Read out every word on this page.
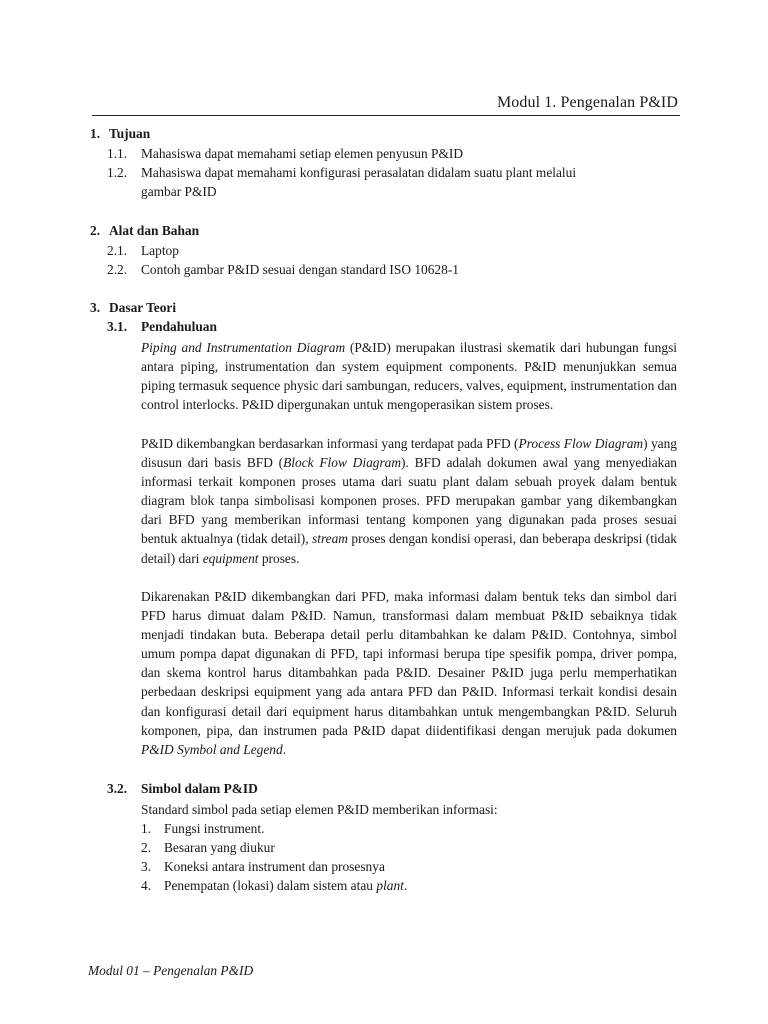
Modul 1. Pengenalan P&ID
1. Tujuan
1.1. Mahasiswa dapat memahami setiap elemen penyusun P&ID
1.2. Mahasiswa dapat memahami konfigurasi perasalatan didalam suatu plant melalui
gambar P&ID
2. Alat dan Bahan
2.1. Laptop
2.2. Contoh gambar P&ID sesuai dengan standard ISO 10628-1
3. Dasar Teori
3.1. Pendahuluan
Piping and Instrumentation Diagram (P&ID) merupakan ilustrasi skematik dari hubungan fungsi antara piping, instrumentation dan system equipment components. P&ID menunjukkan semua piping termasuk sequence physic dari sambungan, reducers, valves, equipment, instrumentation dan control interlocks. P&ID dipergunakan untuk mengoperasikan sistem proses.
P&ID dikembangkan berdasarkan informasi yang terdapat pada PFD (Process Flow Diagram) yang disusun dari basis BFD (Block Flow Diagram). BFD adalah dokumen awal yang menyediakan informasi terkait komponen proses utama dari suatu plant dalam sebuah proyek dalam bentuk diagram blok tanpa simbolisasi komponen proses. PFD merupakan gambar yang dikembangkan dari BFD yang memberikan informasi tentang komponen yang digunakan pada proses sesuai bentuk aktualnya (tidak detail), stream proses dengan kondisi operasi, dan beberapa deskripsi (tidak detail) dari equipment proses.
Dikarenakan P&ID dikembangkan dari PFD, maka informasi dalam bentuk teks dan simbol dari PFD harus dimuat dalam P&ID. Namun, transformasi dalam membuat P&ID sebaiknya tidak menjadi tindakan buta. Beberapa detail perlu ditambahkan ke dalam P&ID. Contohnya, simbol umum pompa dapat digunakan di PFD, tapi informasi berupa tipe spesifik pompa, driver pompa, dan skema kontrol harus ditambahkan pada P&ID. Desainer P&ID juga perlu memperhatikan perbedaan deskripsi equipment yang ada antara PFD dan P&ID. Informasi terkait kondisi desain dan konfigurasi detail dari equipment harus ditambahkan untuk mengembangkan P&ID. Seluruh komponen, pipa, dan instrumen pada P&ID dapat diidentifikasi dengan merujuk pada dokumen P&ID Symbol and Legend.
3.2. Simbol dalam P&ID
Standard simbol pada setiap elemen P&ID memberikan informasi:
1. Fungsi instrument.
2. Besaran yang diukur
3. Koneksi antara instrument dan prosesnya
4. Penempatan (lokasi) dalam sistem atau plant.
Modul 01 – Pengenalan P&ID
